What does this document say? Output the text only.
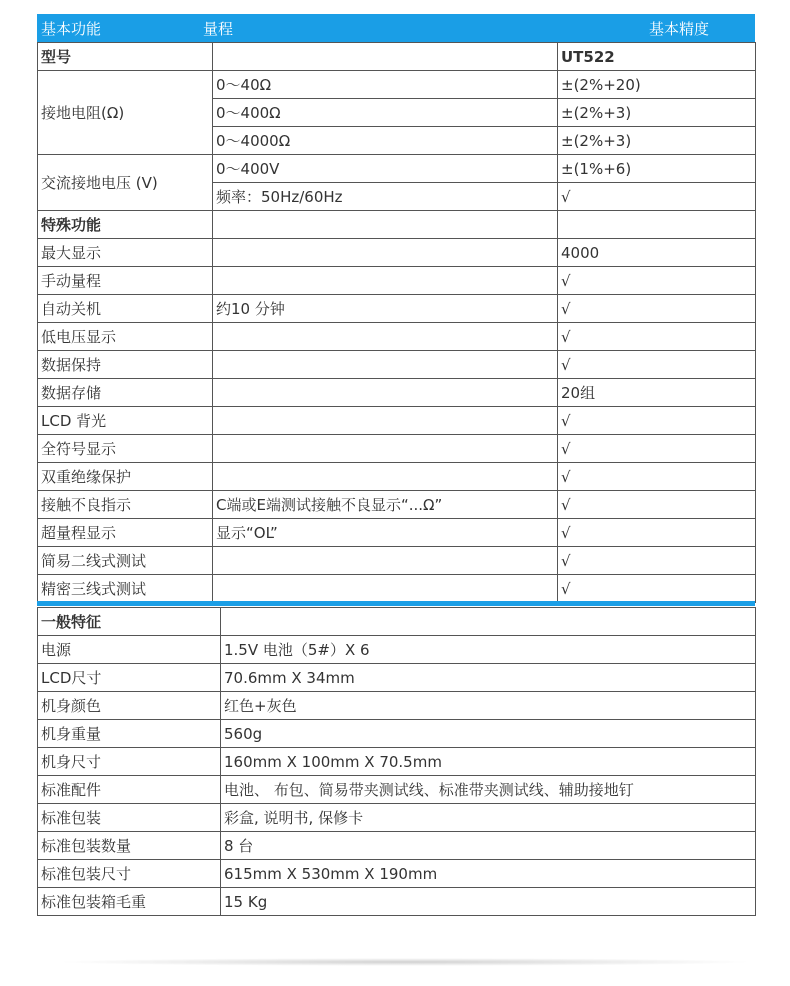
基本功能	量程	基本精度
型号		UT522
接地电阻(Ω)	0～40Ω	±(2%+20)
	0～400Ω	±(2%+3)
	0～4000Ω	±(2%+3)
交流接地电压 (V)	0～400V	±(1%+6)
	频率：50Hz/60Hz	√
特殊功能		
最大显示		4000
手动量程		√
自动关机	约10 分钟	√
低电压显示		√
数据保持		√
数据存储		20组
LCD 背光		√
全符号显示		√
双重绝缘保护		√
接触不良指示	C端或E端测试接触不良显示“...Ω”	√
超量程显示	显示“OL”	√
简易二线式测试		√
精密三线式测试		√
一般特征	
电源	1.5V 电池（5#）X 6
LCD尺寸	70.6mm X 34mm
机身颜色	红色+灰色
机身重量	560g
机身尺寸	160mm X 100mm X 70.5mm
标准配件	电池、 布包、简易带夹测试线、标准带夹测试线、辅助接地钉
标准包装	彩盒, 说明书, 保修卡
标准包装数量	8 台
标准包装尺寸	615mm X 530mm X 190mm
标准包装箱毛重	15 Kg
